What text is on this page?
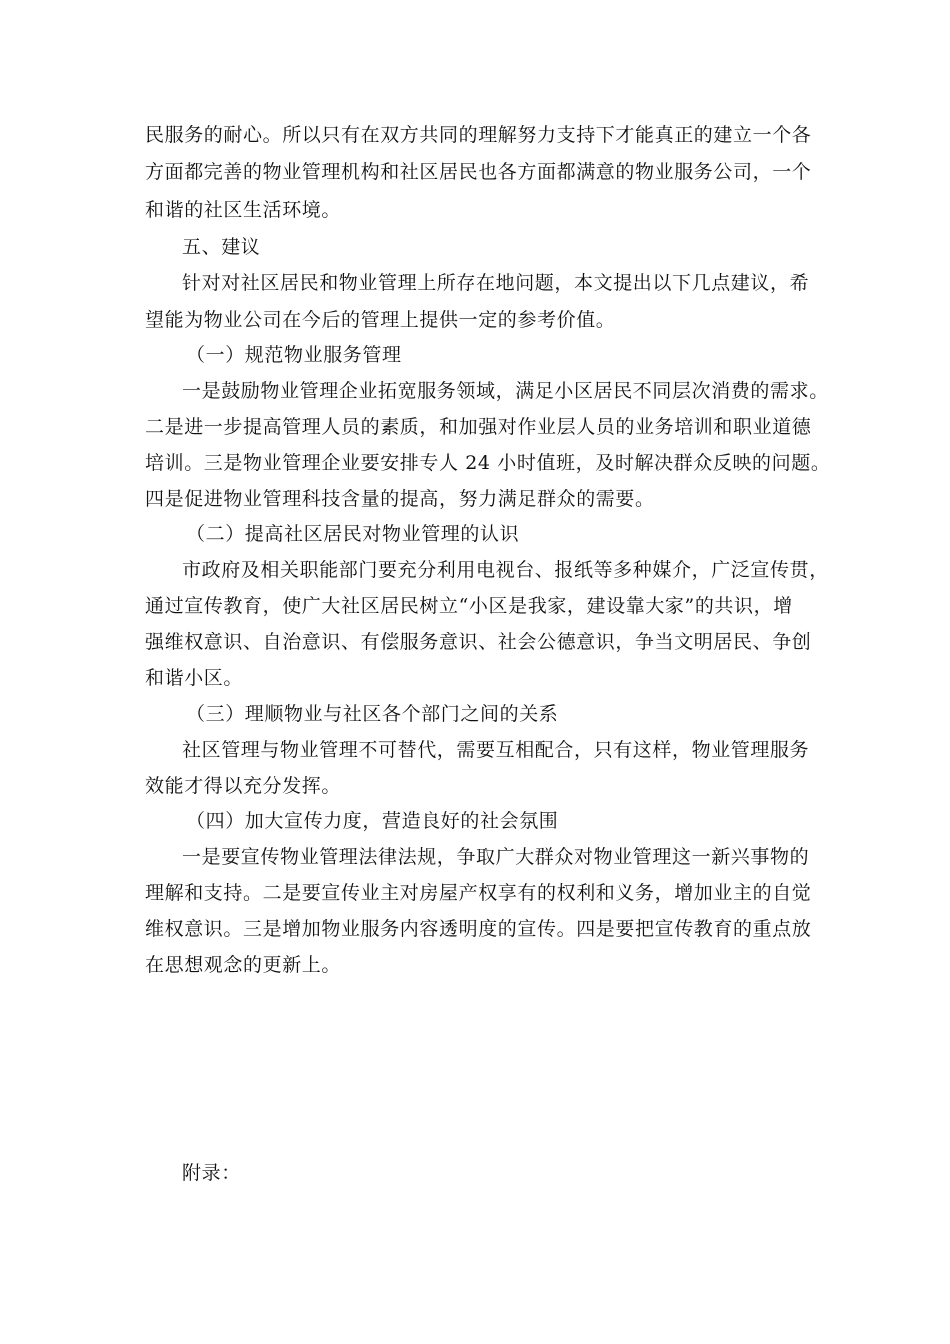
民服务的耐心。所以只有在双方共同的理解努力支持下才能真正的建立一个各
方面都完善的物业管理机构和社区居民也各方面都满意的物业服务公司，一个
和谐的社区生活环境。
五、建议
针对对社区居民和物业管理上所存在地问题，本文提出以下几点建议，希
望能为物业公司在今后的管理上提供一定的参考价值。
（一）规范物业服务管理
一是鼓励物业管理企业拓宽服务领域，满足小区居民不同层次消费的需求。
二是进一步提高管理人员的素质，和加强对作业层人员的业务培训和职业道德
培训。三是物业管理企业要安排专人 24 小时值班，及时解决群众反映的问题。
四是促进物业管理科技含量的提高，努力满足群众的需要。
（二）提高社区居民对物业管理的认识
市政府及相关职能部门要充分利用电视台、报纸等多种媒介，广泛宣传贯，
通过宣传教育，使广大社区居民树立“小区是我家，建设靠大家”的共识，增
强维权意识、自治意识、有偿服务意识、社会公德意识，争当文明居民、争创
和谐小区。
（三）理顺物业与社区各个部门之间的关系
社区管理与物业管理不可替代，需要互相配合，只有这样，物业管理服务
效能才得以充分发挥。
（四）加大宣传力度，营造良好的社会氛围
一是要宣传物业管理法律法规，争取广大群众对物业管理这一新兴事物的
理解和支持。二是要宣传业主对房屋产权享有的权利和义务，增加业主的自觉
维权意识。三是增加物业服务内容透明度的宣传。四是要把宣传教育的重点放
在思想观念的更新上。
附录：
